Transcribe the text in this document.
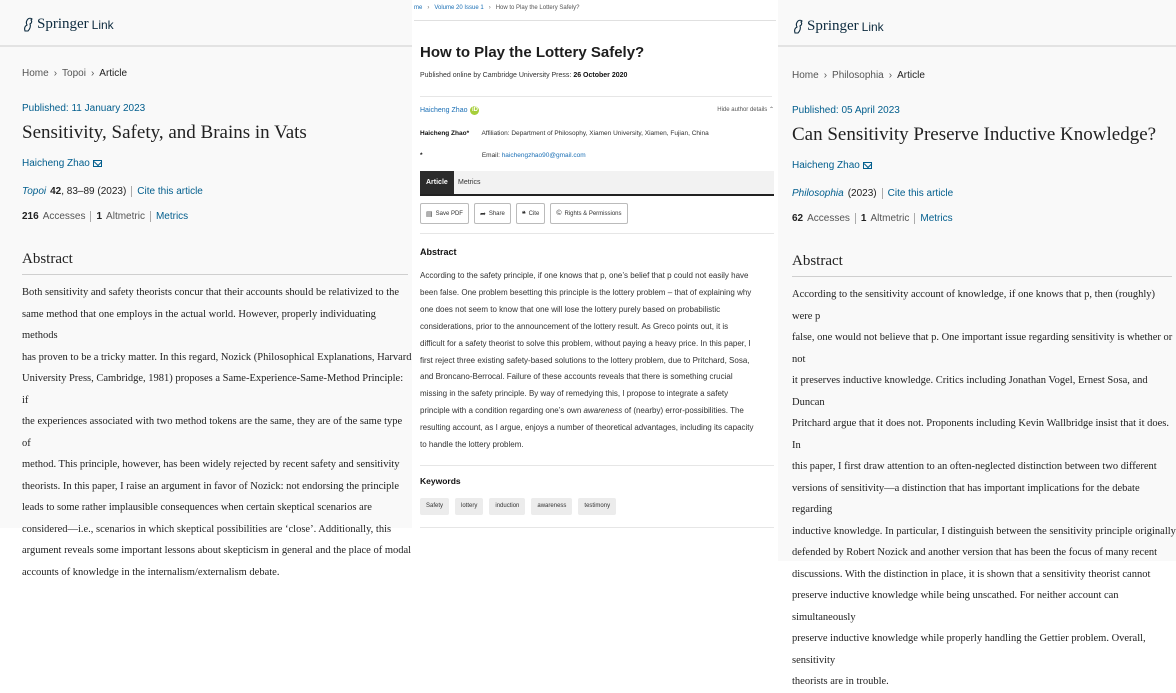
Springer Link
Home › Topoi › Article
Published: 11 January 2023
Sensitivity, Safety, and Brains in Vats
Haicheng Zhao
Topoi 42 , 83–89 (2023) Cite this article
216 Accesses 1 Altmetric Metrics
Abstract
Both sensitivity and safety theorists concur that their accounts should be relativized to the
same method that one employs in the actual world. However, properly individuating methods
has proven to be a tricky matter. In this regard, Nozick (Philosophical Explanations, Harvard
University Press, Cambridge, 1981) proposes a Same-Experience-Same-Method Principle: if
the experiences associated with two method tokens are the same, they are of the same type of
method. This principle, however, has been widely rejected by recent safety and sensitivity
theorists. In this paper, I raise an argument in favor of Nozick: not endorsing the principle
leads to some rather implausible consequences when certain skeptical scenarios are
considered—i.e., scenarios in which skeptical possibilities are ‘close’. Additionally, this
argument reveals some important lessons about skepticism in general and the place of modal
accounts of knowledge in the internalism/externalism debate.
me › Volume 20 Issue 1 › How to Play the Lottery Safely?
How to Play the Lottery Safely?
Published online by Cambridge University Press: 26 October 2020
Haicheng Zhao iD	Hide author details ⌃
Haicheng Zhao* Affiliation: Department of Philosophy, Xiamen University, Xiamen, Fujian, China
*	Email: haichengzhao90@gmail.com
Article	Metrics
▤ Save PDF ➦ Share ❝ Cite © Rights & Permissions
Abstract
According to the safety principle, if one knows that p, one’s belief that p could not easily have
been false. One problem besetting this principle is the lottery problem – that of explaining why
one does not seem to know that one will lose the lottery purely based on probabilistic
considerations, prior to the announcement of the lottery result. As Greco points out, it is
difficult for a safety theorist to solve this problem, without paying a heavy price. In this paper, I
first reject three existing safety-based solutions to the lottery problem, due to Pritchard, Sosa,
and Broncano-Berrocal. Failure of these accounts reveals that there is something crucial
missing in the safety principle. By way of remedying this, I propose to integrate a safety
principle with a condition regarding one’s own awareness of (nearby) error-possibilities. The
resulting account, as I argue, enjoys a number of theoretical advantages, including its capacity
to handle the lottery problem.
Keywords
Safety	lottery	induction	awareness	testimony
Springer Link
Home › Philosophia › Article
Published: 05 April 2023
Can Sensitivity Preserve Inductive Knowledge?
Haicheng Zhao
Philosophia (2023) Cite this article
62 Accesses 1 Altmetric Metrics
Abstract
According to the sensitivity account of knowledge, if one knows that p, then (roughly) were p
false, one would not believe that p. One important issue regarding sensitivity is whether or not
it preserves inductive knowledge. Critics including Jonathan Vogel, Ernest Sosa, and Duncan
Pritchard argue that it does not. Proponents including Kevin Wallbridge insist that it does. In
this paper, I first draw attention to an often-neglected distinction between two different
versions of sensitivity—a distinction that has important implications for the debate regarding
inductive knowledge. In particular, I distinguish between the sensitivity principle originally
defended by Robert Nozick and another version that has been the focus of many recent
discussions. With the distinction in place, it is shown that a sensitivity theorist cannot
preserve inductive knowledge while being unscathed. For neither account can simultaneously
preserve inductive knowledge while properly handling the Gettier problem. Overall, sensitivity
theorists are in trouble.
